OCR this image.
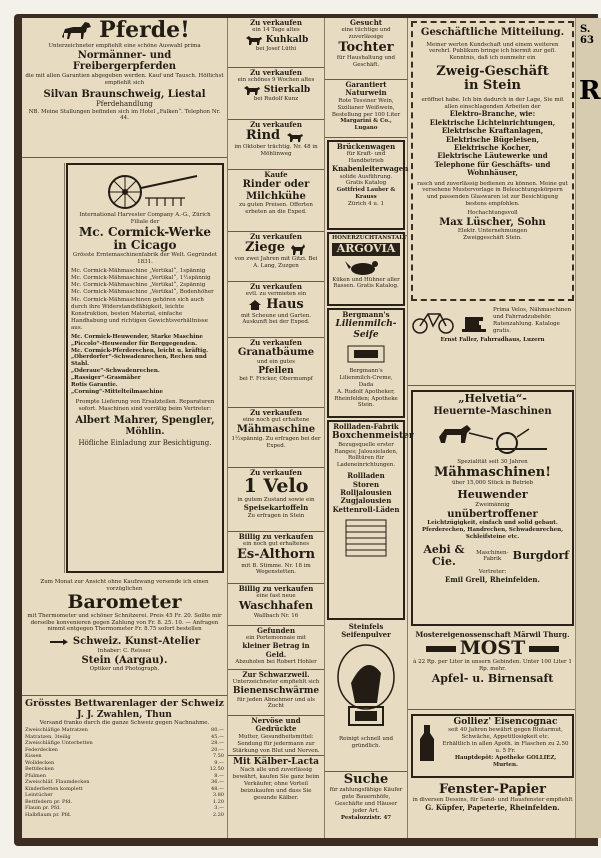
Pferde!
Unterzeichneter empfiehlt eine schöne Auswahl prima
Normänner- und Freibergerpferden
die mit allen Garantien abgegeben werden. Kauf und Tausch. Höflichst empfiehlt sich
Silvan Braunschweig, Liestal
Pferdehandlung
NB. Meine Stallungen befinden sich im Hotel „Falken“. Telephon Nr. 44.
International Harvester Company A.-G., Zürich
Filiale der
Mc. Cormick-Werke in Cicago
Grösste Erntemaschinenfabrik der Welt. Gegründet 1831.
Mc. Cormick-Mähmaschine „Vertikal“, 1spännig
Mc. Cormick-Mähmaschine „Vertikal“, 1½spännig
Mc. Cormick-Mähmaschine „Vertikal“, 2spännig
Mc. Cormick-Mähmaschine „Vertikal“, Bodenhöher
Mc. Cormick-Mähmaschinen gehören sich auch durch ihre Widerstandsfähigkeit, leichte Konstruktion, besten Material, einfache Handhabung und richtigen Gewichtsverhältnisse aus.
Mc. Cormick-Heuwender, Starke Maschine
„Piccolo“-Heuwender für Berggegenden.
Mc. Cormick-Pferderechen, leicht u. kräftig.
„Oberdorfer“-Schwadenrechen, Rechen und Stahl.
„Oderaue“-Schwadenrechen.
„Rassiger“-Grasmäher
Rotis Garantie.
„Corning“-Mittelteilmaschine
Prompte Lieferung von Ersatzteilen. Reparaturen sofort. Maschinen sind vorrätig beim Vertreter:
Albert Mahrer, Spengler,
Möhlin.
Höfliche Einladung zur Besichtigung.
Zum Monat zur Ansicht ohne Kaufzwang versende ich einen vorzüglichen
Barometer
mit Thermometer und schöner Schnitzerei. Preis 45 Fr. 20. Sollte mir derselbe konvenieren gegen Zahlung von Fr. 8. 25. 10. — Anfragen nimmt entgegen Thermometer Fr. 8.75 sofort bestellen
Schweiz. Kunst-Atelier
Inhaber: C. Reisser
Stein (Aargau).
Optiker und Photograph.
Grösstes Bettwarenlager der Schweiz
J. J. Zwahlen, Thun
Versand franko durch die ganze Schweiz gegen Nachnahme.
Zweischläfige Matratzen	80.—
Matratzen, 3teilig	45.—
Zweischläfige Unterbetten	28.—
Federdecken	20.—
Kissen	7.50
Wolldecken	9.—
Bettdecken	12.50
Pfulmen	8.—
Zweischläf. Flaumdecken	36.—
Kinderbetten komplett	48.—
Leintücher	3.80
Bettfedern pr. Pfd.	1.20
Flaum pr. Pfd.	3.—
Halbflaum pr. Pfd.	2.20
Zu verkaufen
ein 14 Tage altes
Kuhkalb
bei Josef Lüthi
Zu verkaufen
ein schönes 9 Wochen altes
Stierkalb
bei Rudolf Kunz
Zu verkaufen
Rind
im Oktober trächtig. Nr. 48 in Möhlinweg
Kaufe
Rinder oder Milchkühe
zu guten Preisen. Offerten erbeten an die Exped.
Zu verkaufen
Ziege
von zwei Jahren mit Gitzi. Bei A. Lang, Zuzgen
Zu verkaufen
evtl. zu vermieten ein
Haus
mit Scheune und Garten. Auskunft bei der Exped.
Zu verkaufen
Granatbäume
und ein gutes
Pfeilen
bei F. Fricker, Obermumpf
Zu verkaufen
eine noch gut erhaltene
Mähmaschine
1½spännig. Zu erfragen bei der Exped.
Zu verkaufen
1 Velo
in gutem Zustand sowie ein
Speisekartoffeln
Zu erfragen in Stein
Billig zu verkaufen
ein noch gut erhaltenes
Es-Althorn
mit B. Stimme. Nr. 18 im Wegenstetten.
Billig zu verkaufen
eine fast neue
Waschhafen
Wallbach Nr. 16
Gefunden
ein Portemonnaie mit
kleiner Betrag in Geld.
Abzuholen bei Robert Hohler
Zur Schwarzweil.
Unterzeichneter empfiehlt sich
Bienenschwärme
für jeden Abnehmer und als Zucht
Nervöse und Gedrückte
Mutter, Gesundheitsmittel: Sendung für jedermann zur Stärkung von Blut und Nerven.
Mit Kälber-Lacta
Nach alle und zuverlässig bewährt, kaufen Sie ganz beim Verkäufer, ohne Vorteil beizukaufen und dass Sie gesunde Kälber.
Gesucht
eine tüchtige und zuverlässige
Tochter
für Haushaltung und Geschäft.
Garantiert Naturwein
Rote Tessiner Wein, Sizilianer Weißwein, Bestellung per 100 Liter
Margarini & Co., Lugano
Brückenwagen
für Kraft- und Handbetrieb
Knabenleiterwagen
solide Ausführung. Gratis Katalog
Gottfried Lauber & Krauss
Zürich 4 u. 1
HONERZUCHTANSTALT
ARGOVIA
Küken und Hühner aller Rassen. Gratis Katalog.
Bergmann's
Lilienmilch-Seife
Bergmann's Lilienmilch-Creme, Dada
A. Rudolf Apotheker, Rheinfelden; Apotheke Stein.
Rollladen-Fabrik
Boxchenmeister
Bezugsquelle erster Ranges; Jalousieladen, Rolltüren für Ladeneinrichtungen.
Rollladen
Storen
Rolljalousien
Zugjalousien
Kettenroll-Läden
Steinfels Seifenpulver
Reinigt schnell und gründlich.
Suche
für zahlungsfähige Käufer gute Bauernhöfe, Geschäfte und Häuser jeder Art.
Pestalozzistr. 47
Geschäftliche Mitteilung.
Meiner werten Kundschaft und einem weiteren verehrl. Publikum bringe ich hiermit zur gefl. Kenntnis, daß ich nunmehr ein
Zweig-Geschäft
in Stein
eröffnet habe. Ich bin dadurch in der Lage, Sie mit allen einschlagenden Arbeiten der
Elektro-Branche, wie:
Elektrische Lichteinrichtungen,
Elektrische Kraftanlagen,
Elektrische Bügeleisen,
Elektrische Kocher,
Elektrische Läutewerke und Telephone für Geschäfts- und Wohnhäuser,
rasch und zuverlässig bedienen zu können. Meine gut versehene Mustervorlage in Beleuchtungskörpern und passenden Glaswaren ist zur Besichtigung bestens empfohlen.
Hochachtungsvoll
Max Lüscher, Sohn
Elektr. Unternehmungen
Zweiggeschäft Stein.
Prima Velos, Nähmaschinen und Fahrradzubehör. Ratenzahlung. Kataloge gratis.
Ernst Faller, Fahrradhaus, Luzern
„Helvetia“-
Heuernte-Maschinen
Spezialität seit 30 Jahren
Mähmaschinen!
über 15,000 Stück in Betrieb
Heuwender
Zweimännig
unübertroffener
Leichtzügigkeit, einfach und solid gebaut. Pferderechen, Handrechen, Schwadenrechen, Schleifsteine etc.
Aebi & Cie.
Maschinen-Fabrik	Burgdorf
Vertreter:
Emil Grell, Rheinfelden.
Mostereigenossenschaft Märwil Thurg.
MOST
à 22 Rp. per Liter in unsern Gebinden. Unter 100 Liter 1 Rp. mehr.
Apfel- u. Birnensaft
Golliez' Eisencognac
seit 40 Jahren bewährt gegen Blutarmut, Schwäche, Appetitlosigkeit etc.
Erhältlich in allen Apoth. in Flaschen zu 2.50 u. 5 Fr.
Hauptdepôt: Apotheke GOLLIEZ, Murten.
Fenster-Papier
in diversen Dessins, für Sand- und Hausfenster empfiehlt
G. Küpfer, Papeterie, Rheinfelden.
S. 63
R
